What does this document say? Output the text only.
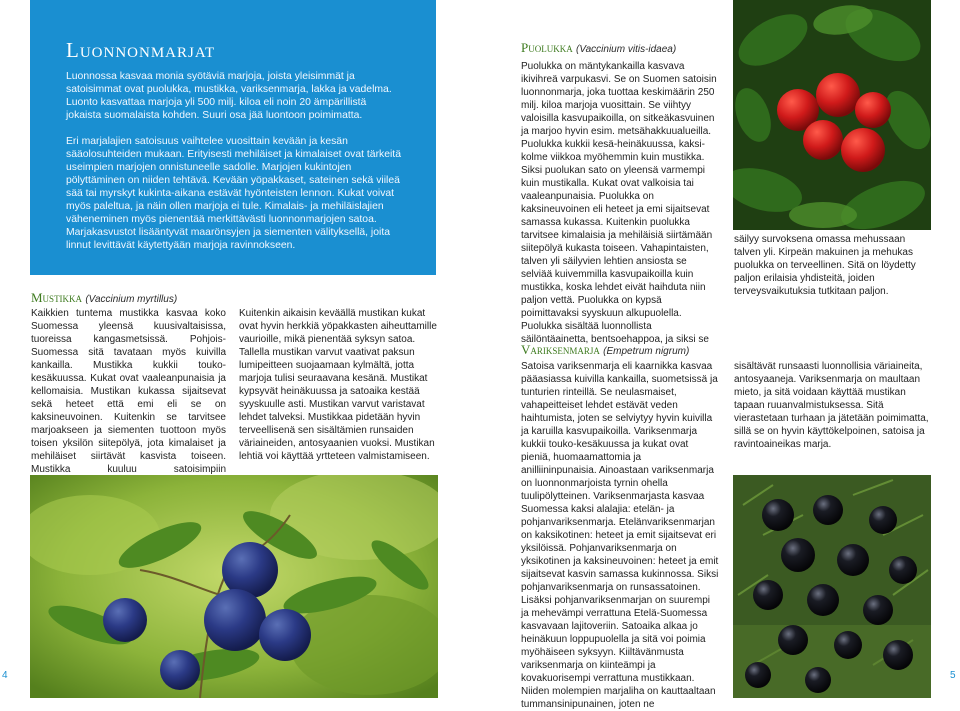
Luonnonmarjat

Luonnossa kasvaa monia syötäviä marjoja, joista yleisimmät ja satoisimmat ovat puolukka, mustikka, variksenmarja, lakka ja vadelma. Luonto kasvattaa marjoja yli 500 milj. kiloa eli noin 20 ämpärillistä jokaista suomalaista kohden. Suuri osa jää luontoon poimimatta.

Eri marjalajien satoisuus vaihtelee vuosittain kevään ja kesän sääolosuhteiden mukaan. Erityisesti mehiläiset ja kimalaiset ovat tärkeitä useimpien marjojen onnistuneelle sadolle. Marjojen kukintojen pölyttäminen on niiden tehtävä. Kevään yöpakkaset, sateinen sekä viileä sää tai myrskyt kukinta-aikana estävät hyönteisten lennon. Kukat voivat myös paleltua, ja näin ollen marjoja ei tule. Kimalais- ja mehiläislajien väheneminen myös pienentää merkittävästi luonnonmarjojen satoa. Marjakasvustot lisääntyvät maarönsyjen ja siementen välityksellä, joita linnut levittävät käytettyään marjoja ravinnokseen.

Mustikka (Vaccinium myrtillus)
Kaikkien tuntema mustikka kasvaa koko Suomessa yleensä kuusivaltaisissa, tuoreissa kangasmetsissä. Pohjois-Suomessa sitä tavataan myös kuivilla kankailla. Mustikka kukkii touko-kesäkuussa. Kukat ovat vaaleanpunaisia ja kellomaisia. Mustikan kukassa sijaitsevat sekä heteet että emi eli se on kaksineuvoinen. Kuitenkin se tarvitsee marjoakseen ja siementen tuottoon myös toisen yksilön siitepölyä, jota kimalaiset ja mehiläiset siirtävät kasvista toiseen. Mustikka kuuluu satoisimpiin
Kuitenkin aikaisin keväällä mustikan kukat ovat hyvin herkkiä yöpakkasten aiheuttamille vaurioille, mikä pienentää syksyn satoa. Tallella mustikan varvut vaativat paksun lumipeitteen suojaamaan kylmältä, jotta marjoja tulisi seuraavana kesänä. Mustikat kypsyvät heinäkuussa ja satoaika kestää syyskuulle asti. Mustikan varvut varistavat lehdet talveksi. Mustikkaa pidetään hyvin terveellisenä sen sisältämien runsaiden väriaineiden, antosyaanien vuoksi. Mustikan lehtiä voi käyttää yrtteteen valmistamiseen.
4
Puolukka (Vaccinium vitis-idaea)
Puolukka on mäntykankailla kasvava ikivihreä varpukasvi. Se on Suomen satoisin luonnonmarja, joka tuottaa keskimäärin 250 milj. kiloa marjoja vuosittain. Se viihtyy valoisilla kasvupaikoilla, on sitkeäkasvuinen ja marjoo hyvin esim. metsähakkuualueilla. Puolukka kukkii kesä-heinäkuussa, kaksi-kolme viikkoa myöhemmin kuin mustikka. Siksi puolukan sato on yleensä varmempi kuin mustikalla. Kukat ovat valkoisia tai vaaleanpunaisia. Puolukka on kaksineuvoinen eli heteet ja emi sijaitsevat samassa kukassa. Kuitenkin puolukka tarvitsee kimalaisia ja mehiläisiä siirtämään siitepölyä kukasta toiseen. Vahapintaisten, talven yli säilyvien lehtien ansiosta se selviää kuivemmilla kasvupaikoilla kuin mustikka, koska lehdet eivät haihduta niin paljon vettä. Puolukka on kypsä poimittavaksi syyskuun alkupuolella. Puolukka sisältää luonnollista säilöntäainetta, bentsoehappoa, ja siksi se
säilyy survoksena omassa mehussaan talven yli. Kirpeän makuinen ja mehukas puolukka on terveellinen. Sitä on löydetty paljon erilaisia yhdisteitä, joiden terveysvaikutuksia tutkitaan paljon.
Variksenmarja (Empetrum nigrum)
Satoisa variksenmarja eli kaarnikka kasvaa pääasiassa kuivilla kankailla, suometsissä ja tunturien rinteillä. Se neulasmaiset, vahapeitteiset lehdet estävät veden haihtumista, joten se selviytyy hyvin kuivilla ja karuilla kasvupaikoilla. Variksenmarja kukkii touko-kesäkuussa ja kukat ovat pieniä, huomaamattomia ja anilliininpunaisia. Ainoastaan variksenmarja on luonnonmarjoista tyrnin ohella tuulipölytteinen. Variksenmarjasta kasvaa Suomessa kaksi alalajia: etelän- ja pohjanvariksenmarja. Etelänvariksenmarjan on kaksikotinen: heteet ja emit sijaitsevat eri yksilöissä. Pohjanvariksenmarja on yksikotinen ja kaksineuvoinen: heteet ja emit sijaitsevat kasvin samassa kukinnossa. Siksi pohjanvariksenmarja on runsassatoinen. Lisäksi pohjanvariksenmarjan on suurempi ja mehevämpi verrattuna Etelä-Suomessa kasvavaan lajitoveriin. Satoaika alkaa jo heinäkuun loppupuolella ja sitä voi poimia myöhäiseen syksyyn. Kiiltävänmusta variksenmarja on kiinteämpi ja kovakuorisempi verrattuna mustikkaan. Niiden molempien marjaliha on kauttaaltaan tummansinipunainen, joten ne
sisältävät runsaasti luonnollisia väriaineita, antosyaaneja. Variksenmarja on maultaan mieto, ja sitä voidaan käyttää mustikan tapaan ruuanvalmistuksessa. Sitä vierastetaan turhaan ja jätetään poimimatta, sillä se on hyvin käyttökelpoinen, satoisa ja ravintoaineikas marja.
5
